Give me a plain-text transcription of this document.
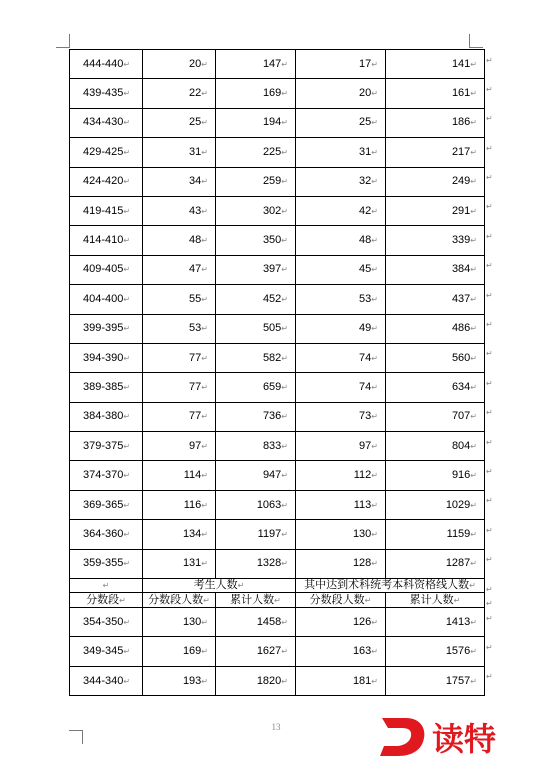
444-440↵	20↵	147↵	17↵	141↵
439-435↵	22↵	169↵	20↵	161↵
434-430↵	25↵	194↵	25↵	186↵
429-425↵	31↵	225↵	31↵	217↵
424-420↵	34↵	259↵	32↵	249↵
419-415↵	43↵	302↵	42↵	291↵
414-410↵	48↵	350↵	48↵	339↵
409-405↵	47↵	397↵	45↵	384↵
404-400↵	55↵	452↵	53↵	437↵
399-395↵	53↵	505↵	49↵	486↵
394-390↵	77↵	582↵	74↵	560↵
389-385↵	77↵	659↵	74↵	634↵
384-380↵	77↵	736↵	73↵	707↵
379-375↵	97↵	833↵	97↵	804↵
374-370↵	114↵	947↵	112↵	916↵
369-365↵	116↵	1063↵	113↵	1029↵
364-360↵	134↵	1197↵	130↵	1159↵
359-355↵	131↵	1328↵	128↵	1287↵
↵	考生人数↵		其中达到术科统考本科资格线人数↵	
分数段↵	分数段人数↵	累计人数↵	分数段人数↵	累计人数↵
354-350↵	130↵	1458↵	126↵	1413↵
349-345↵	169↵	1627↵	163↵	1576↵
344-340↵	193↵	1820↵	181↵	1757↵
↵
↵
↵
↵
↵
↵
↵
↵
↵
↵
↵
↵
↵
↵
↵
↵
↵
↵
↵
↵
↵
↵
↵
13	读特
